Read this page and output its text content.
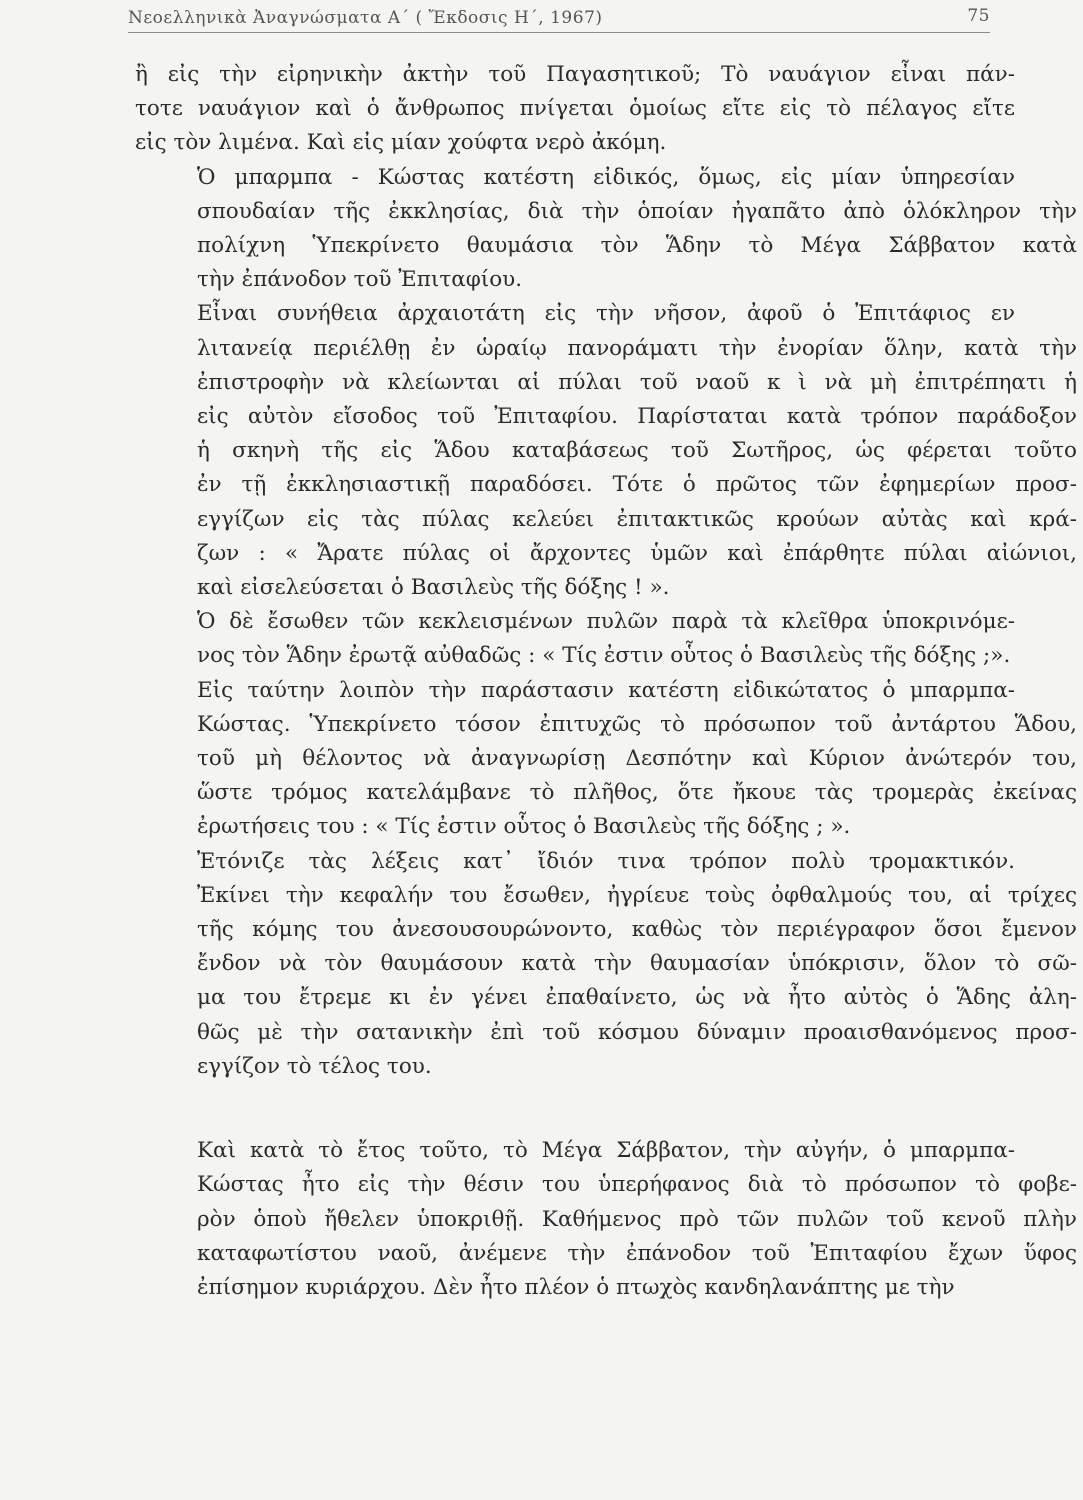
Νεοελληνικὰ Ἀναγνώσματα Α΄ ( Ἔκδοσις Η΄, 1967)	75

ἢ εἰς τὴν εἰρηνικὴν ἀκτὴν τοῦ Παγασητικοῦ; Τὸ ναυάγιον εἶναι πάν-
τοτε ναυάγιον καὶ ὁ ἄνθρωπος πνίγεται ὁμοίως εἴτε εἰς τὸ πέλαγος εἴτε
εἰς τὸν λιμένα. Καὶ εἰς μίαν χούφτα νερὸ ἀκόμη.

Ὁ μπαρμπα - Κώστας κατέστη εἰδικός, ὅμως, εἰς μίαν ὑπηρεσίαν
σπουδαίαν τῆς ἐκκλησίας, διὰ τὴν ὁποίαν ἠγαπᾶτο ἀπὸ ὁλόκληρον τὴν
πολίχνη Ὑπεκρίνετο θαυμάσια τὸν Ἅδην τὸ Μέγα Σάββατον κατὰ
τὴν ἐπάνοδον τοῦ Ἐπιταφίου.

Εἶναι συνήθεια ἀρχαιοτάτη εἰς τὴν νῆσον, ἀφοῦ ὁ Ἐπιτάφιος εν
λιτανείᾳ περιέλθῃ ἐν ὡραίῳ πανοράματι τὴν ἐνορίαν ὅλην, κατὰ τὴν
ἐπιστροφὴν νὰ κλείωνται αἱ πύλαι τοῦ ναοῦ κ ὶ νὰ μὴ ἐπιτρέπηατι ἡ
εἰς αὐτὸν εἴσοδος τοῦ Ἐπιταφίου. Παρίσταται κατὰ τρόπον παράδοξον
ἡ σκηνὴ τῆς εἰς Ἅδου καταβάσεως τοῦ Σωτῆρος, ὡς φέρεται τοῦτο
ἐν τῇ ἐκκλησιαστικῇ παραδόσει. Τότε ὁ πρῶτος τῶν ἐφημερίων προσ-
εγγίζων εἰς τὰς πύλας κελεύει ἐπιτακτικῶς κρούων αὐτὰς καὶ κρά-
ζων : « Ἄρατε πύλας οἱ ἄρχοντες ὑμῶν καὶ ἐπάρθητε πύλαι αἰώνιοι,
καὶ εἰσελεύσεται ὁ Βασιλεὺς τῆς δόξης ! ».

Ὁ δὲ ἔσωθεν τῶν κεκλεισμένων πυλῶν παρὰ τὰ κλεῖθρα ὑποκρινόμε-
νος τὸν Ἅδην ἐρωτᾷ αὐθαδῶς : « Τίς ἐστιν οὗτος ὁ Βασιλεὺς τῆς δόξης ;».

Εἰς ταύτην λοιπὸν τὴν παράστασιν κατέστη εἰδικώτατος ὁ μπαρμπα-
Κώστας. Ὑπεκρίνετο τόσον ἐπιτυχῶς τὸ πρόσωπον τοῦ ἀντάρτου Ἅδου,
τοῦ μὴ θέλοντος νὰ ἀναγνωρίσῃ Δεσπότην καὶ Κύριον ἀνώτερόν του,
ὥστε τρόμος κατελάμβανε τὸ πλῆθος, ὅτε ἤκουε τὰς τρομερὰς ἐκείνας
ἐρωτήσεις του : « Τίς ἐστιν οὗτος ὁ Βασιλεὺς τῆς δόξης ; ».

Ἐτόνιζε τὰς λέξεις κατ᾽ ἴδιόν τινα τρόπον πολὺ τρομακτικόν.
Ἐκίνει τὴν κεφαλήν του ἔσωθεν, ἠγρίευε τοὺς ὀφθαλμούς του, αἱ τρίχες
τῆς κόμης του ἀνεσουσουρώνοντο, καθὼς τὸν περιέγραφον ὅσοι ἔμενον
ἔνδον νὰ τὸν θαυμάσουν κατὰ τὴν θαυμασίαν ὑπόκρισιν, ὅλον τὸ σῶ-
μα του ἔτρεμε κι ἐν γένει ἐπαθαίνετο, ὡς νὰ ἦτο αὐτὸς ὁ Ἅδης ἀλη-
θῶς μὲ τὴν σατανικὴν ἐπὶ τοῦ κόσμου δύναμιν προαισθανόμενος προσ-
εγγίζον τὸ τέλος του.

Καὶ κατὰ τὸ ἔτος τοῦτο, τὸ Μέγα Σάββατον, τὴν αὐγήν, ὁ μπαρμπα-
Κώστας ἦτο εἰς τὴν θέσιν του ὑπερήφανος διὰ τὸ πρόσωπον τὸ φοβε-
ρὸν ὁποὺ ἤθελεν ὑποκριθῇ. Καθήμενος πρὸ τῶν πυλῶν τοῦ κενοῦ πλὴν
καταφωτίστου ναοῦ, ἀνέμενε τὴν ἐπάνοδον τοῦ Ἐπιταφίου ἔχων ὕφος
ἐπίσημον κυριάρχου. Δὲν ἦτο πλέον ὁ πτωχὸς κανδηλανάπτης με τὴν
